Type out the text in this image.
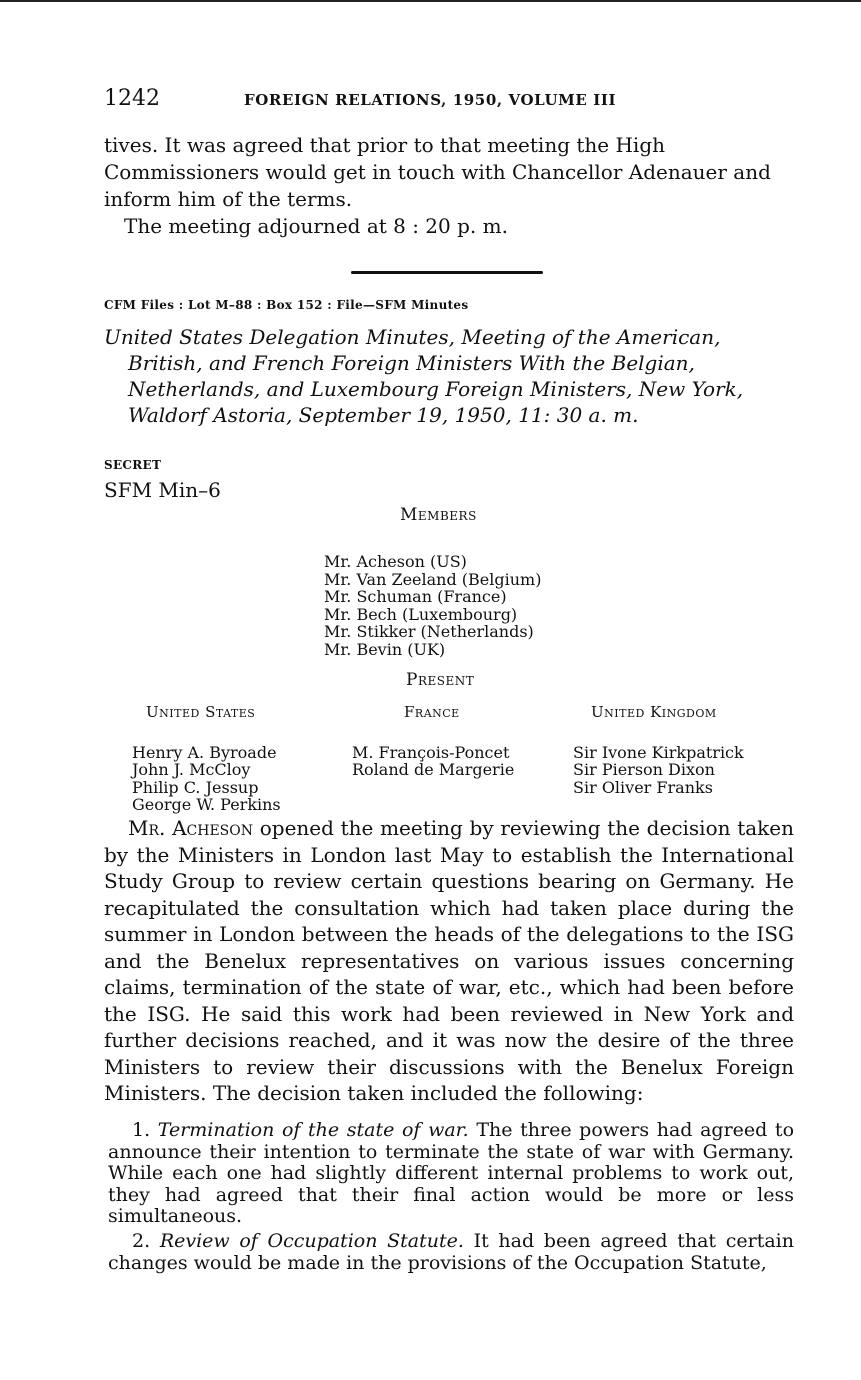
1242	FOREIGN RELATIONS, 1950, VOLUME III
tives. It was agreed that prior to that meeting the High Commissioners would get in touch with Chancellor Adenauer and inform him of the terms.
The meeting adjourned at 8 : 20 p. m.
CFM Files : Lot M–88 : Box 152 : File—SFM Minutes
United States Delegation Minutes, Meeting of the American, British, and French Foreign Ministers With the Belgian, Netherlands, and Luxembourg Foreign Ministers, New York, Waldorf Astoria, September 19, 1950, 11: 30 a. m.
SECRET
SFM Min–6
Members
Mr. Acheson (US)
Mr. Van Zeeland (Belgium)
Mr. Schuman (France)
Mr. Bech (Luxembourg)
Mr. Stikker (Netherlands)
Mr. Bevin (UK)
Present
United States
Henry A. Byroade
John J. McCloy
Philip C. Jessup
George W. Perkins
France
M. François-Poncet
Roland de Margerie
United Kingdom
Sir Ivone Kirkpatrick
Sir Pierson Dixon
Sir Oliver Franks
Mr. Acheson opened the meeting by reviewing the decision taken by the Ministers in London last May to establish the International Study Group to review certain questions bearing on Germany. He recapitulated the consultation which had taken place during the summer in London between the heads of the delegations to the ISG and the Benelux representatives on various issues concerning claims, termination of the state of war, etc., which had been before the ISG. He said this work had been reviewed in New York and further decisions reached, and it was now the desire of the three Ministers to review their discussions with the Benelux Foreign Ministers. The decision taken included the following:
1. Termination of the state of war. The three powers had agreed to announce their intention to terminate the state of war with Germany. While each one had slightly different internal problems to work out, they had agreed that their final action would be more or less simultaneous.
2. Review of Occupation Statute. It had been agreed that certain changes would be made in the provisions of the Occupation Statute,
